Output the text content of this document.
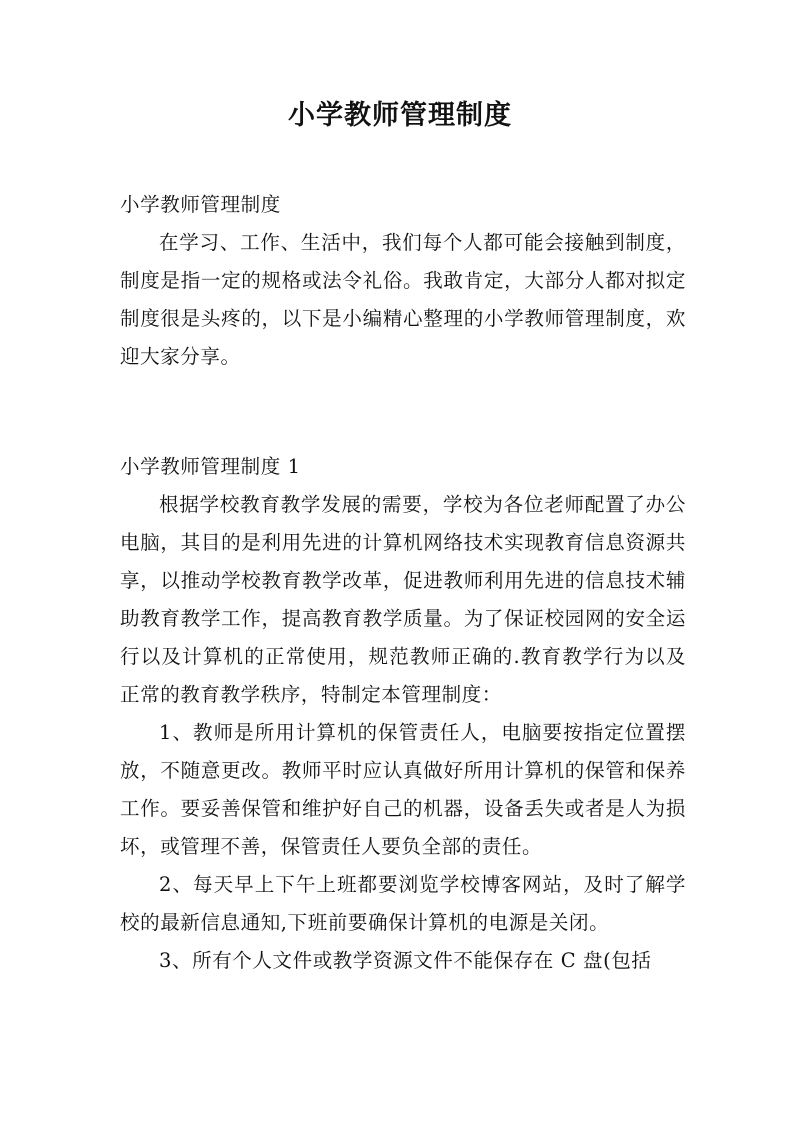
小学教师管理制度

小学教师管理制度

在学习、工作、生活中，我们每个人都可能会接触到制度，制度是指一定的规格或法令礼俗。我敢肯定，大部分人都对拟定制度很是头疼的，以下是小编精心整理的小学教师管理制度，欢迎大家分享。

小学教师管理制度 1

根据学校教育教学发展的需要，学校为各位老师配置了办公电脑，其目的是利用先进的计算机网络技术实现教育信息资源共享，以推动学校教育教学改革，促进教师利用先进的信息技术辅助教育教学工作，提高教育教学质量。为了保证校园网的安全运行以及计算机的正常使用，规范教师正确的.教育教学行为以及正常的教育教学秩序，特制定本管理制度：

1、教师是所用计算机的保管责任人，电脑要按指定位置摆放，不随意更改。教师平时应认真做好所用计算机的保管和保养工作。要妥善保管和维护好自己的机器，设备丢失或者是人为损坏，或管理不善，保管责任人要负全部的责任。

2、每天早上下午上班都要浏览学校博客网站，及时了解学校的最新信息通知,下班前要确保计算机的电源是关闭。

3、所有个人文件或教学资源文件不能保存在 C 盘(包括
